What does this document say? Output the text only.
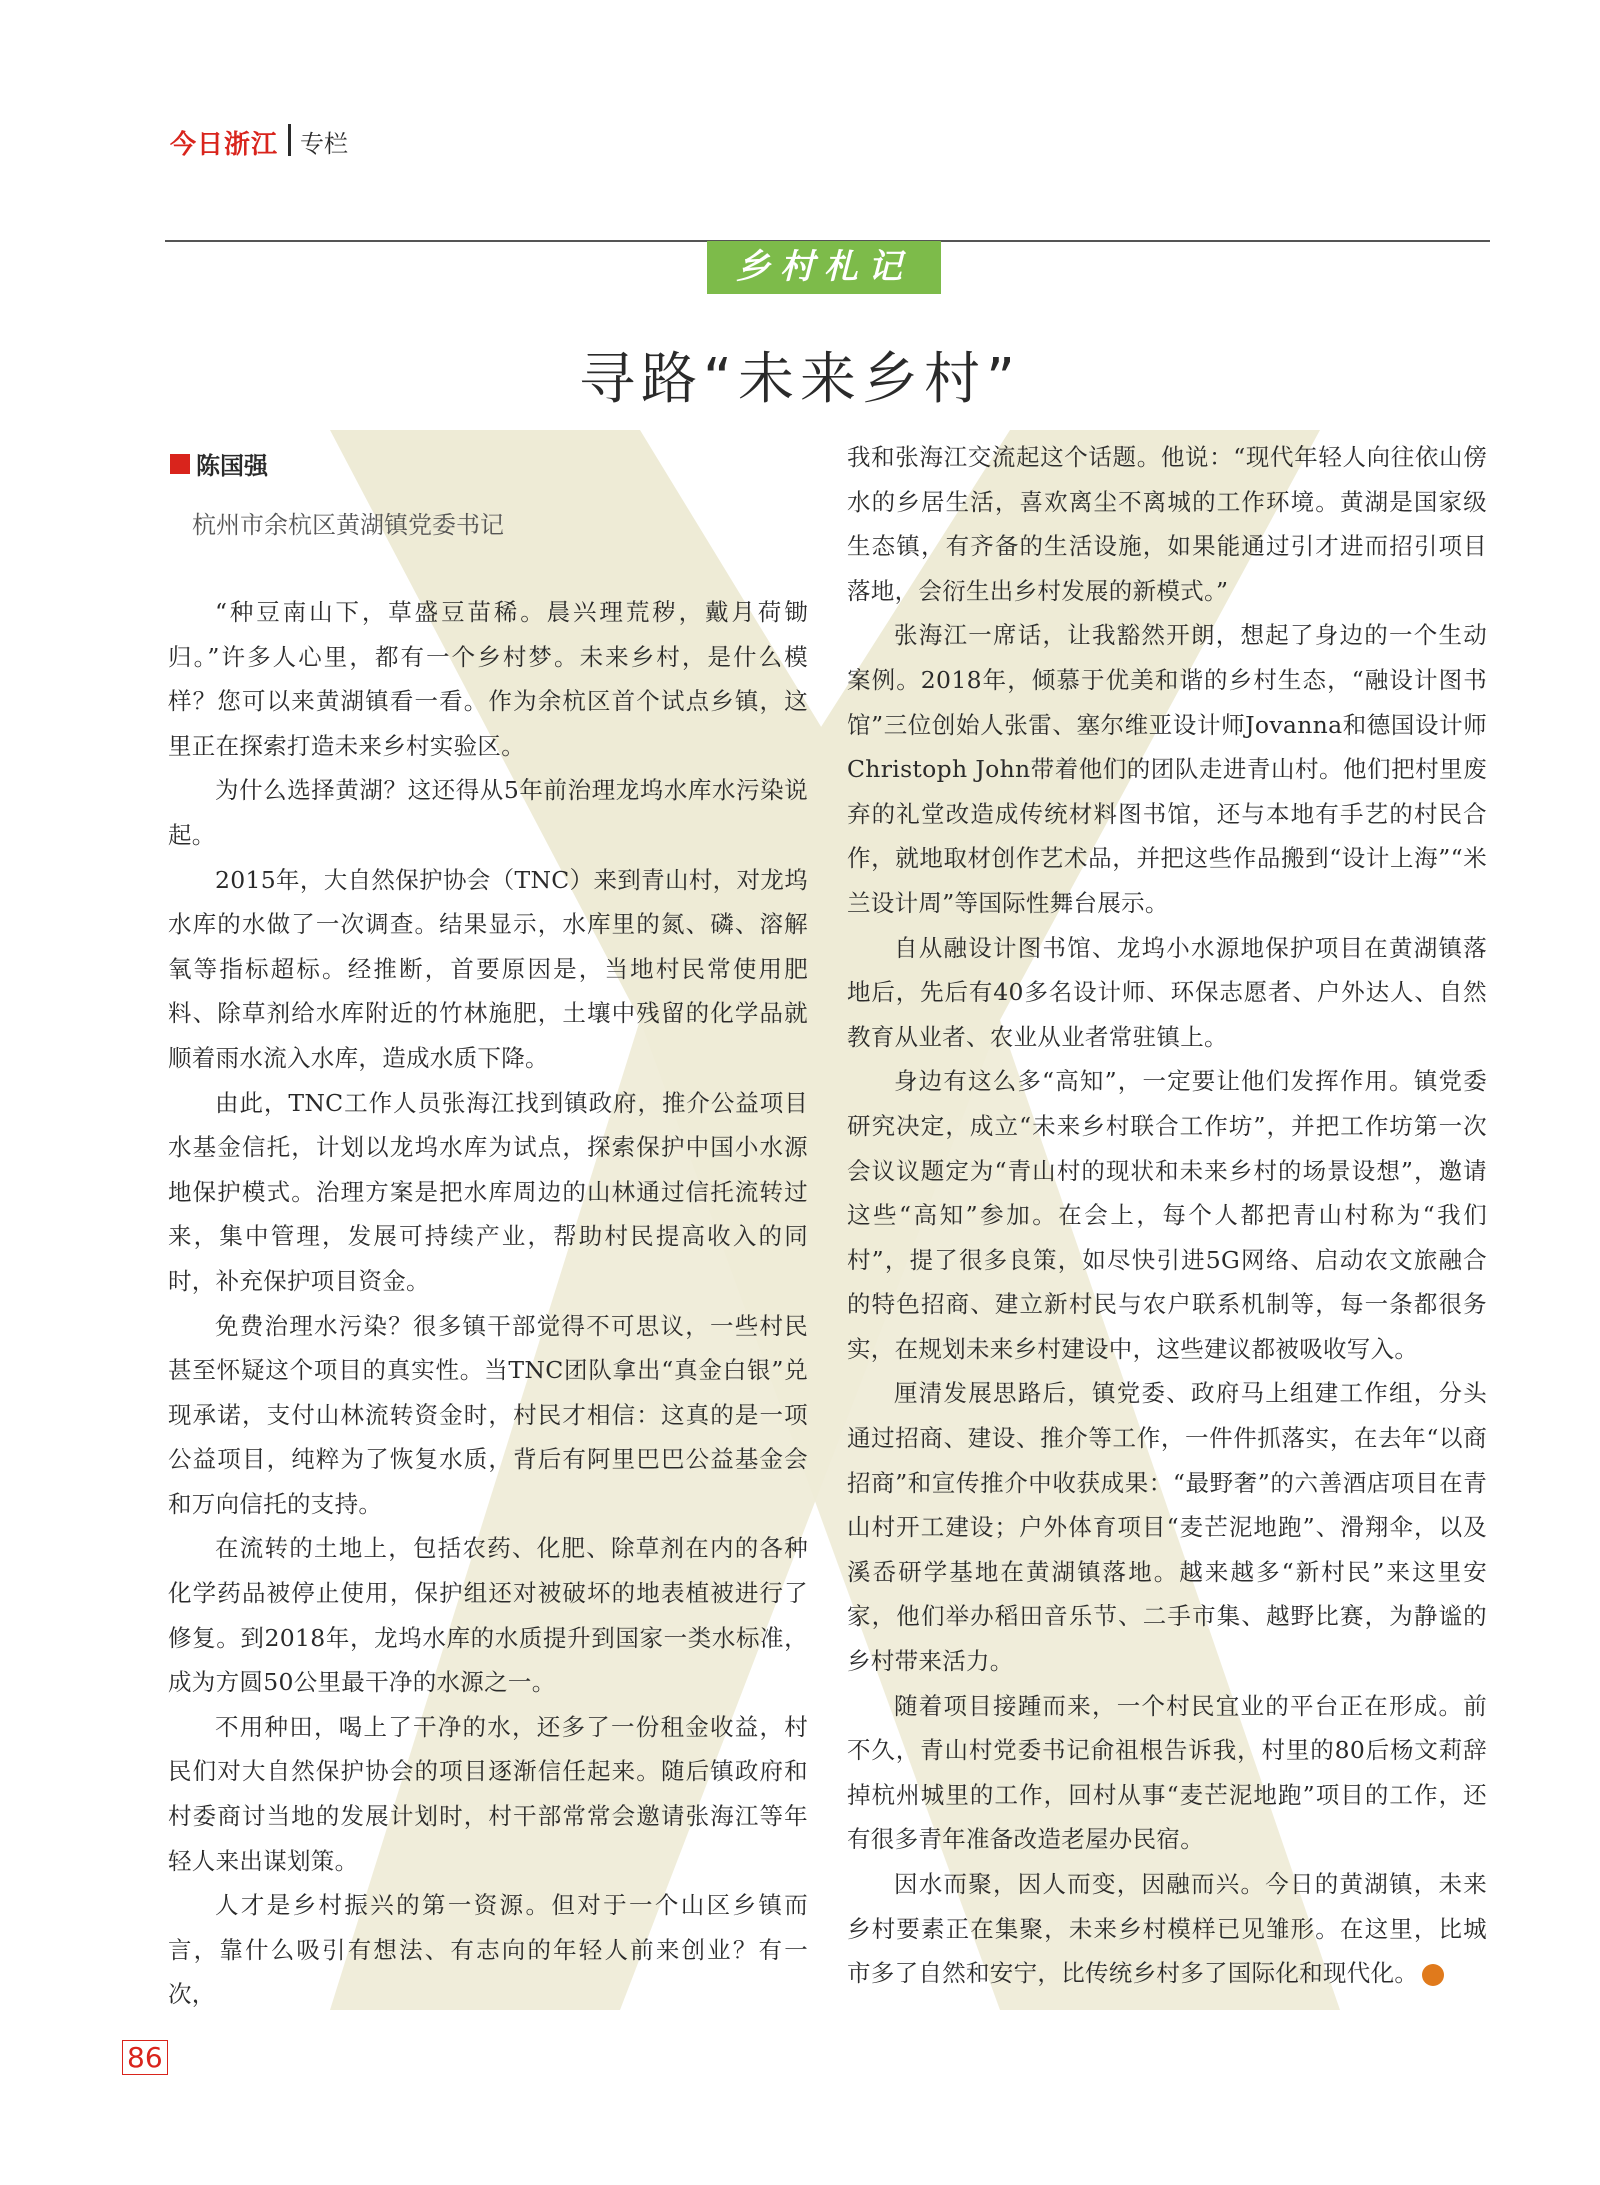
今日浙江 专栏
乡村札记
寻路“未来乡村”
陈国强
杭州市余杭区黄湖镇党委书记

“种豆南山下，草盛豆苗稀。晨兴理荒秽，戴月荷锄归。”许多人心里，都有一个乡村梦。未来乡村，是什么模样？您可以来黄湖镇看一看。作为余杭区首个试点乡镇，这里正在探索打造未来乡村实验区。

为什么选择黄湖？这还得从5年前治理龙坞水库水污染说起。

2015年，大自然保护协会（TNC）来到青山村，对龙坞水库的水做了一次调查。结果显示，水库里的氮、磷、溶解氧等指标超标。经推断，首要原因是，当地村民常使用肥料、除草剂给水库附近的竹林施肥，土壤中残留的化学品就顺着雨水流入水库，造成水质下降。

由此，TNC工作人员张海江找到镇政府，推介公益项目水基金信托，计划以龙坞水库为试点，探索保护中国小水源地保护模式。治理方案是把水库周边的山林通过信托流转过来，集中管理，发展可持续产业，帮助村民提高收入的同时，补充保护项目资金。

免费治理水污染？很多镇干部觉得不可思议，一些村民甚至怀疑这个项目的真实性。当TNC团队拿出“真金白银”兑现承诺，支付山林流转资金时，村民才相信：这真的是一项公益项目，纯粹为了恢复水质，背后有阿里巴巴公益基金会和万向信托的支持。

在流转的土地上，包括农药、化肥、除草剂在内的各种化学药品被停止使用，保护组还对被破坏的地表植被进行了修复。到2018年，龙坞水库的水质提升到国家一类水标准，成为方圆50公里最干净的水源之一。

不用种田，喝上了干净的水，还多了一份租金收益，村民们对大自然保护协会的项目逐渐信任起来。随后镇政府和村委商讨当地的发展计划时，村干部常常会邀请张海江等年轻人来出谋划策。

人才是乡村振兴的第一资源。但对于一个山区乡镇而言，靠什么吸引有想法、有志向的年轻人前来创业？有一次，

我和张海江交流起这个话题。他说：“现代年轻人向往依山傍水的乡居生活，喜欢离尘不离城的工作环境。黄湖是国家级生态镇，有齐备的生活设施，如果能通过引才进而招引项目落地，会衍生出乡村发展的新模式。”

张海江一席话，让我豁然开朗，想起了身边的一个生动案例。2018年，倾慕于优美和谐的乡村生态，“融设计图书馆”三位创始人张雷、塞尔维亚设计师Jovanna和德国设计师Christoph John带着他们的团队走进青山村。他们把村里废弃的礼堂改造成传统材料图书馆，还与本地有手艺的村民合作，就地取材创作艺术品，并把这些作品搬到“设计上海”“米兰设计周”等国际性舞台展示。

自从融设计图书馆、龙坞小水源地保护项目在黄湖镇落地后，先后有40多名设计师、环保志愿者、户外达人、自然教育从业者、农业从业者常驻镇上。

身边有这么多“高知”，一定要让他们发挥作用。镇党委研究决定，成立“未来乡村联合工作坊”，并把工作坊第一次会议议题定为“青山村的现状和未来乡村的场景设想”，邀请这些“高知”参加。在会上，每个人都把青山村称为“我们村”，提了很多良策，如尽快引进5G网络、启动农文旅融合的特色招商、建立新村民与农户联系机制等，每一条都很务实，在规划未来乡村建设中，这些建议都被吸收写入。

厘清发展思路后，镇党委、政府马上组建工作组，分头通过招商、建设、推介等工作，一件件抓落实，在去年“以商招商”和宣传推介中收获成果：“最野奢”的六善酒店项目在青山村开工建设；户外体育项目“麦芒泥地跑”、滑翔伞，以及溪岙研学基地在黄湖镇落地。越来越多“新村民”来这里安家，他们举办稻田音乐节、二手市集、越野比赛，为静谧的乡村带来活力。

随着项目接踵而来，一个村民宜业的平台正在形成。前不久，青山村党委书记俞祖根告诉我，村里的80后杨文莉辞掉杭州城里的工作，回村从事“麦芒泥地跑”项目的工作，还有很多青年准备改造老屋办民宿。

因水而聚，因人而变，因融而兴。今日的黄湖镇，未来乡村要素正在集聚，未来乡村模样已见雏形。在这里，比城市多了自然和安宁，比传统乡村多了国际化和现代化。

86
